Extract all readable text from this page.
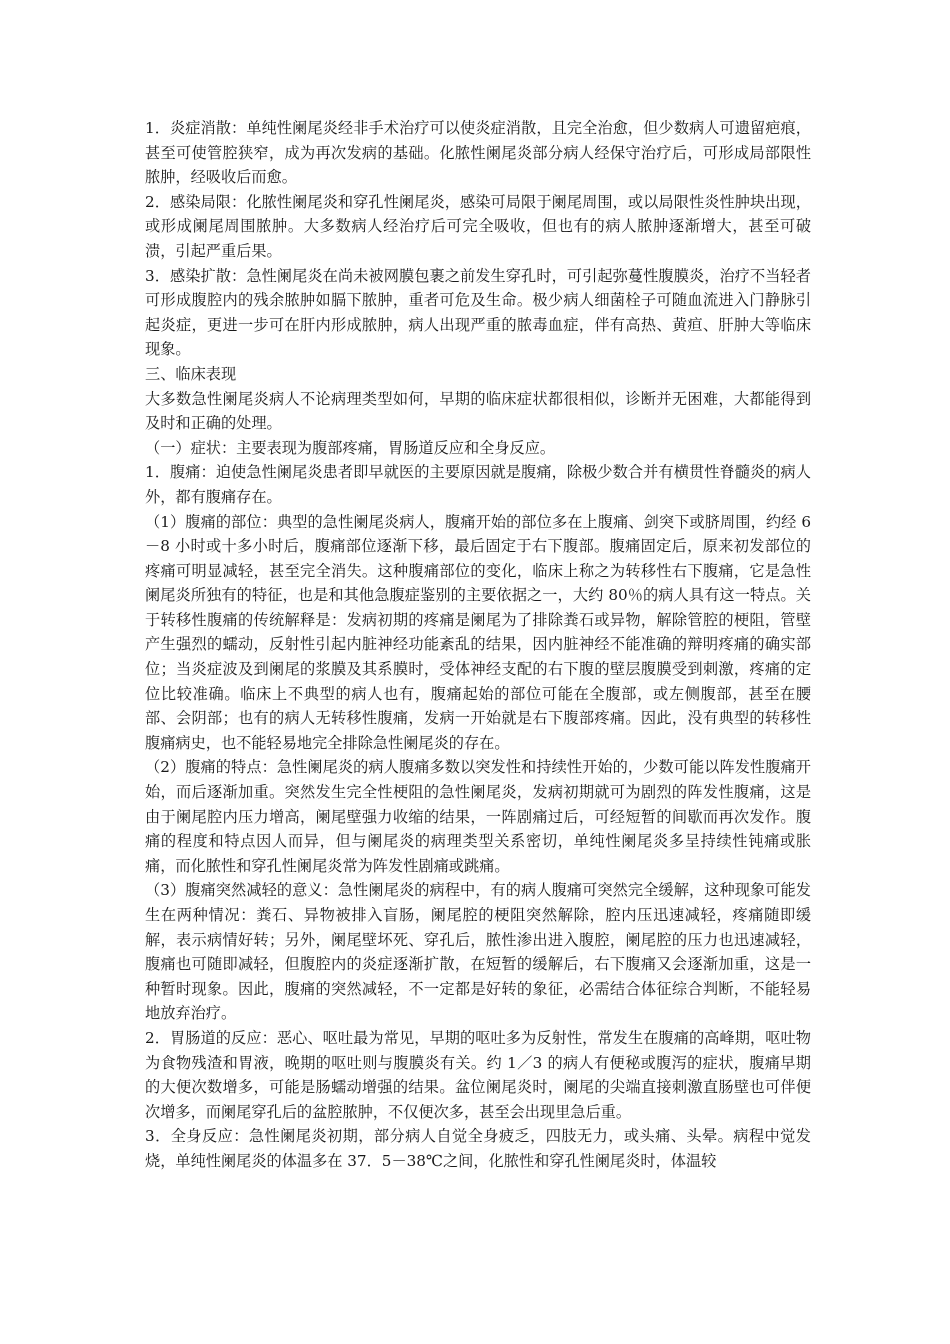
1．炎症消散：单纯性阑尾炎经非手术治疗可以使炎症消散，且完全治愈，但少数病人可遗留疤痕，甚至可使管腔狭窄，成为再次发病的基础。化脓性阑尾炎部分病人经保守治疗后，可形成局部限性脓肿，经吸收后而愈。

2．感染局限：化脓性阑尾炎和穿孔性阑尾炎，感染可局限于阑尾周围，或以局限性炎性肿块出现，或形成阑尾周围脓肿。大多数病人经治疗后可完全吸收，但也有的病人脓肿逐渐增大，甚至可破溃，引起严重后果。

3．感染扩散：急性阑尾炎在尚未被网膜包裹之前发生穿孔时，可引起弥蔓性腹膜炎，治疗不当轻者可形成腹腔内的残余脓肿如膈下脓肿，重者可危及生命。极少病人细菌栓子可随血流进入门静脉引起炎症，更进一步可在肝内形成脓肿，病人出现严重的脓毒血症，伴有高热、黄疸、肝肿大等临床现象。

三、临床表现

大多数急性阑尾炎病人不论病理类型如何，早期的临床症状都很相似，诊断并无困难，大都能得到及时和正确的处理。

（一）症状：主要表现为腹部疼痛，胃肠道反应和全身反应。

1．腹痛：迫使急性阑尾炎患者即早就医的主要原因就是腹痛，除极少数合并有横贯性脊髓炎的病人外，都有腹痛存在。

（1）腹痛的部位：典型的急性阑尾炎病人，腹痛开始的部位多在上腹痛、剑突下或脐周围，约经 6－8 小时或十多小时后，腹痛部位逐渐下移，最后固定于右下腹部。腹痛固定后，原来初发部位的疼痛可明显减轻，甚至完全消失。这种腹痛部位的变化，临床上称之为转移性右下腹痛，它是急性阑尾炎所独有的特征，也是和其他急腹症鉴别的主要依据之一，大约 80％的病人具有这一特点。关于转移性腹痛的传统解释是：发病初期的疼痛是阑尾为了排除粪石或异物，解除管腔的梗阻，管壁产生强烈的蠕动，反射性引起内脏神经功能紊乱的结果，因内脏神经不能准确的辩明疼痛的确实部位；当炎症波及到阑尾的浆膜及其系膜时，受体神经支配的右下腹的壁层腹膜受到刺激，疼痛的定位比较准确。临床上不典型的病人也有，腹痛起始的部位可能在全腹部，或左侧腹部，甚至在腰部、会阴部；也有的病人无转移性腹痛，发病一开始就是右下腹部疼痛。因此，没有典型的转移性腹痛病史，也不能轻易地完全排除急性阑尾炎的存在。

（2）腹痛的特点：急性阑尾炎的病人腹痛多数以突发性和持续性开始的，少数可能以阵发性腹痛开始，而后逐渐加重。突然发生完全性梗阻的急性阑尾炎，发病初期就可为剧烈的阵发性腹痛，这是由于阑尾腔内压力增高，阑尾壁强力收缩的结果，一阵剧痛过后，可经短暂的间歇而再次发作。腹痛的程度和特点因人而异，但与阑尾炎的病理类型关系密切，单纯性阑尾炎多呈持续性钝痛或胀痛，而化脓性和穿孔性阑尾炎常为阵发性剧痛或跳痛。

（3）腹痛突然减轻的意义：急性阑尾炎的病程中，有的病人腹痛可突然完全缓解，这种现象可能发生在两种情况：粪石、异物被排入盲肠，阑尾腔的梗阻突然解除，腔内压迅速减轻，疼痛随即缓解，表示病情好转；另外，阑尾壁坏死、穿孔后，脓性渗出进入腹腔，阑尾腔的压力也迅速减轻，腹痛也可随即减轻，但腹腔内的炎症逐渐扩散，在短暂的缓解后，右下腹痛又会逐渐加重，这是一种暂时现象。因此，腹痛的突然减轻，不一定都是好转的象征，必需结合体征综合判断，不能轻易地放弃治疗。

2．胃肠道的反应：恶心、呕吐最为常见，早期的呕吐多为反射性，常发生在腹痛的高峰期，呕吐物为食物残渣和胃液，晚期的呕吐则与腹膜炎有关。约 1／3 的病人有便秘或腹泻的症状，腹痛早期的大便次数增多，可能是肠蠕动增强的结果。盆位阑尾炎时，阑尾的尖端直接刺激直肠壁也可伴便次增多，而阑尾穿孔后的盆腔脓肿，不仅便次多，甚至会出现里急后重。

3．全身反应：急性阑尾炎初期，部分病人自觉全身疲乏，四肢无力，或头痛、头晕。病程中觉发烧，单纯性阑尾炎的体温多在 37．5－38℃之间，化脓性和穿孔性阑尾炎时，体温较
